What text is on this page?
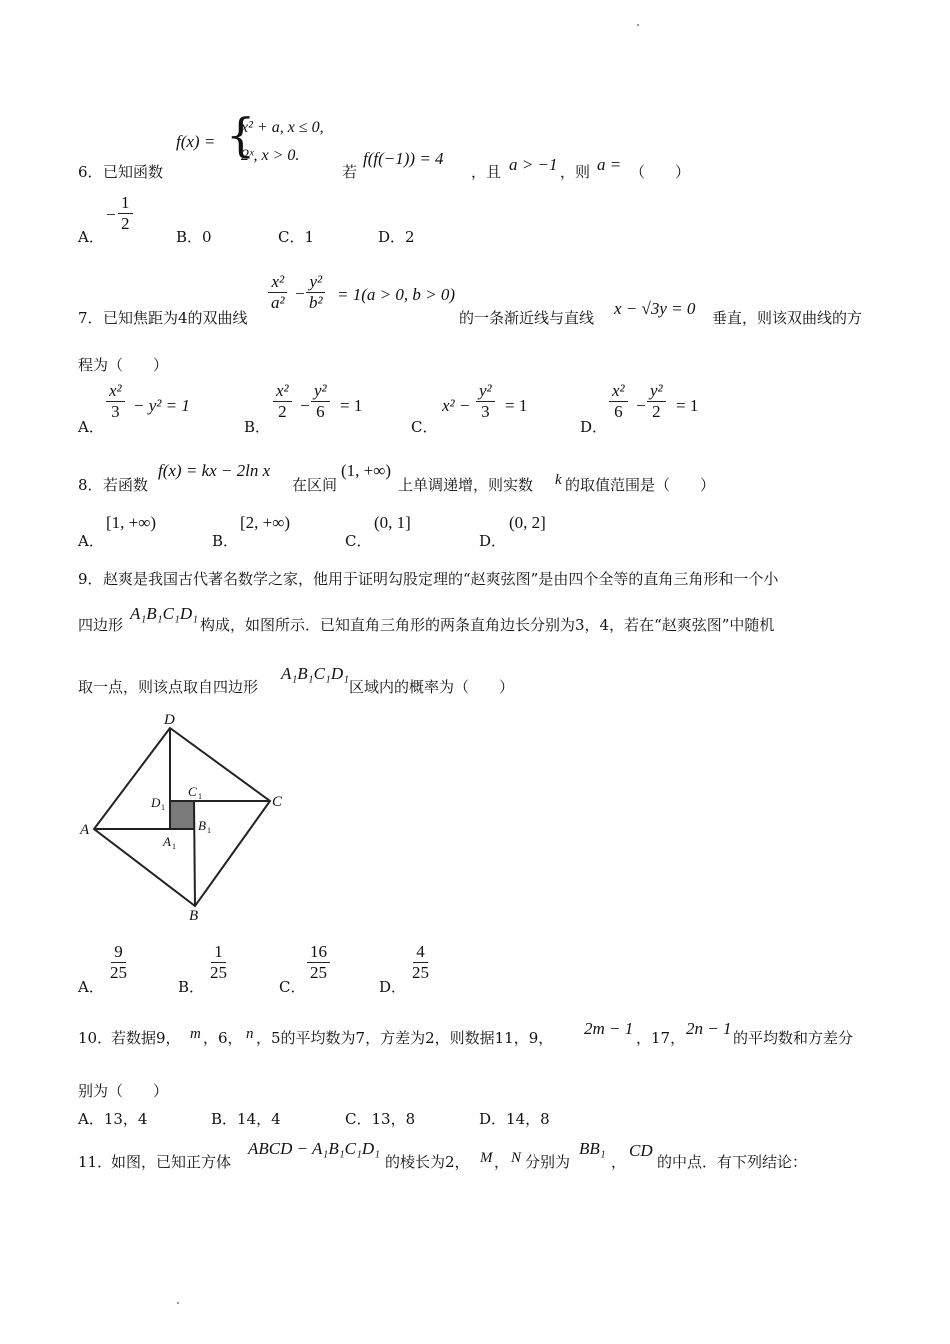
6． 已知函数
f(x) = {
x² + a, x ≤ 0,
2ˣ, x > 0.
若
f(f(−1)) = 4
，且 a > −1 ，则 a = （　　）
A．
− $\frac{1}{2}$
B．0	C．1	D．2
7． 已知焦距为4的双曲线
$\frac{\text{x²}}{\text{a²}} - \frac{\text{y²}}{\text{b²}} = 1(a > 0$, b > 0)
的一条渐近线与直线 x − √3y = 0 垂直，则该双曲线的方
程为（　　）
A．
$\frac{\text{x²}}{3} - y^2 = 1$
B．
$\frac{\text{x²}}{2} - \frac{\text{y²}}{6} = 1$
C．
$x^2 - \frac{\text{y²}}{3} = 1$
D．
$\frac{\text{x²}}{6} - \frac{\text{y²}}{2} = 1$
8． 若函数
f(x) = kx − 2ln x
在区间
(1, +∞)
上单调递增，则实数 k 的取值范围是（　　）
A．
[1, +∞)
B．
[2, +∞)
C．
(0, 1]
D．
(0, 2]
9． 赵爽是我国古代著名数学之家，他用于证明勾股定理的“赵爽弦图”是由四个全等的直角三角形和一个小
四边形
A₁B₁C₁D₁
构成，如图所示．已知直角三角形的两条直角边长分别为3，4，若在“赵爽弦图”中随机
取一点，则该点取自四边形
A₁B₁C₁D₁
区域内的概率为（　　）
D
C
A
B
D 1
C 1
B 1
A 1
A．
$\frac{9}{25}$
B．
$\frac{1}{25}$
C．
$\frac{16}{25}$
D．
$\frac{4}{25}$
10．
若数据9， m ，6， n ，5的平均数为7，方差为2，则数据11，9， 2m − 1 ，17， 2n − 1 的平均数和方差分
别为（　　）
A．13，4	B．14，4	C．13，8	D．14，8
11．
如图，已知正方体
ABCD − A₁B₁C₁D₁
的棱长为2， M ， N 分别为
BB₁
，
CD
的中点．有下列结论：
